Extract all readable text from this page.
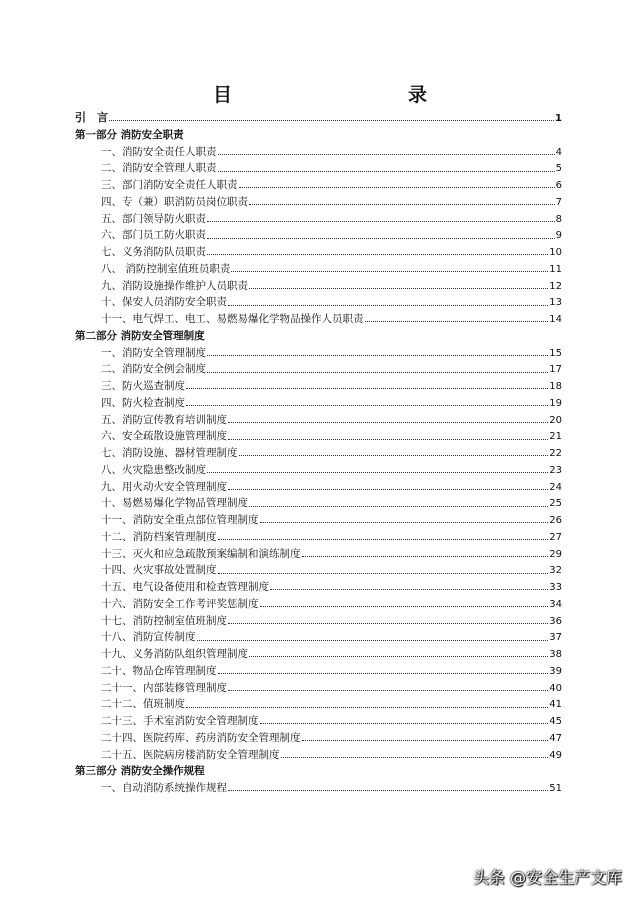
目　　录
引　言	1
第一部分 消防安全职责
一、消防安全责任人职责	4
二、消防安全管理人职责	5
三、部门消防安全责任人职责	6
四、专（兼）职消防员岗位职责	7
五、部门领导防火职责	8
六、部门员工防火职责	9
七、义务消防队员职责	10
八、 消防控制室值班员职责	11
九、消防设施操作维护人员职责	12
十、保安人员消防安全职责	13
十一、电气焊工、电工、易燃易爆化学物品操作人员职责	14
第二部分 消防安全管理制度
一、消防安全管理制度	15
二、消防安全例会制度	17
三、防火巡查制度	18
四、防火检查制度	19
五、消防宣传教育培训制度	20
六、安全疏散设施管理制度	21
七、消防设施、器材管理制度	22
八、火灾隐患整改制度	23
九、用火动火安全管理制度	24
十、易燃易爆化学物品管理制度	25
十一、消防安全重点部位管理制度	26
十二、消防档案管理制度	27
十三、灭火和应急疏散预案编制和演练制度	29
十四、火灾事故处置制度	32
十五、电气设备使用和检查管理制度	33
十六、消防安全工作考评奖惩制度	34
十七、消防控制室值班制度	36
十八、消防宣传制度	37
十九、义务消防队组织管理制度	38
二十、物品仓库管理制度	39
二十一、内部装修管理制度	40
二十二、值班制度	41
二十三、手术室消防安全管理制度	45
二十四、医院药库、药房消防安全管理制度	47
二十五、医院病房楼消防安全管理制度	49
第三部分 消防安全操作规程
一、自动消防系统操作规程	51
头条 @安全生产文库
